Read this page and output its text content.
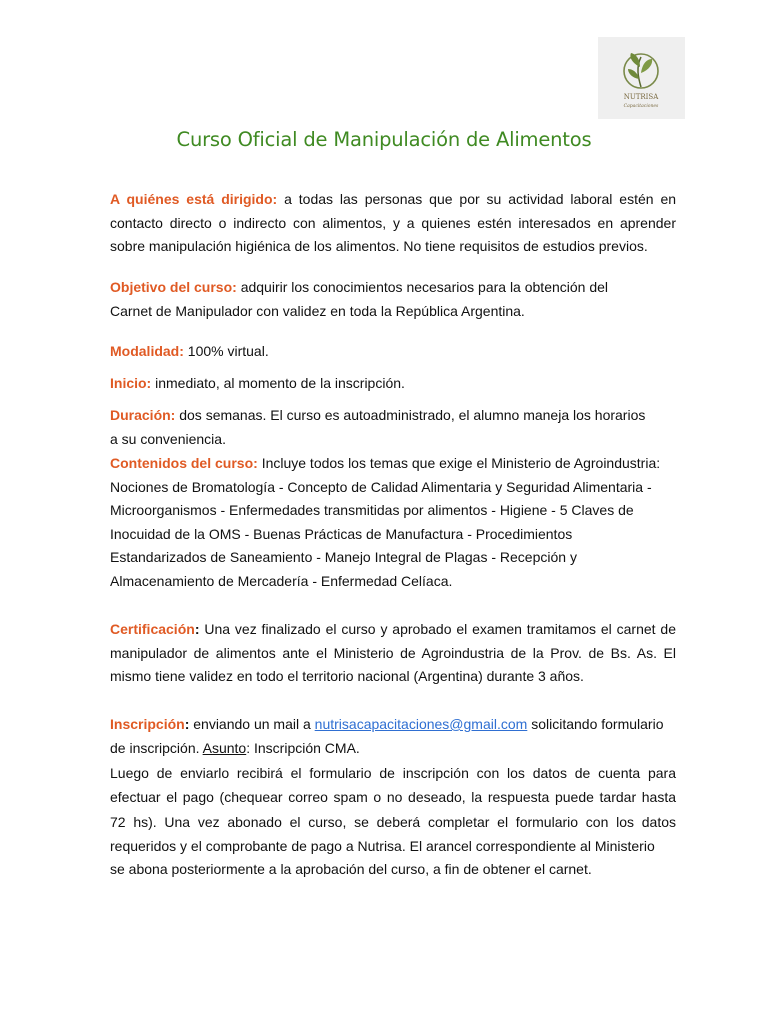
NUTRISA
Capacitaciones
Curso Oficial de Manipulación de Alimentos
A quiénes está dirigido: a todas las personas que por su actividad laboral estén en
contacto directo o indirecto con alimentos, y a quienes estén interesados en aprender
sobre manipulación higiénica de los alimentos. No tiene requisitos de estudios previos.
Objetivo del curso: adquirir los conocimientos necesarios para la obtención del
Carnet de Manipulador con validez en toda la República Argentina.
Modalidad: 100% virtual.
Inicio: inmediato, al momento de la inscripción.
Duración: dos semanas. El curso es autoadministrado, el alumno maneja los horarios
a su conveniencia.
Contenidos del curso: Incluye todos los temas que exige el Ministerio de Agroindustria:
Nociones de Bromatología - Concepto de Calidad Alimentaria y Seguridad Alimentaria -
Microorganismos - Enfermedades transmitidas por alimentos - Higiene - 5 Claves de
Inocuidad de la OMS - Buenas Prácticas de Manufactura - Procedimientos
Estandarizados de Saneamiento - Manejo Integral de Plagas - Recepción y
Almacenamiento de Mercadería - Enfermedad Celíaca.
Certificación: Una vez finalizado el curso y aprobado el examen tramitamos el carnet de
manipulador de alimentos ante el Ministerio de Agroindustria de la Prov. de Bs. As. El
mismo tiene validez en todo el territorio nacional (Argentina) durante 3 años.
Inscripción: enviando un mail a nutrisacapacitaciones@gmail.com solicitando formulario
de inscripción. Asunto: Inscripción CMA.
Luego de enviarlo recibirá el formulario de inscripción con los datos de cuenta para
efectuar el pago (chequear correo spam o no deseado, la respuesta puede tardar hasta
72 hs). Una vez abonado el curso, se deberá completar el formulario con los datos
requeridos y el comprobante de pago a Nutrisa. El arancel correspondiente al Ministerio
se abona posteriormente a la aprobación del curso, a fin de obtener el carnet.
